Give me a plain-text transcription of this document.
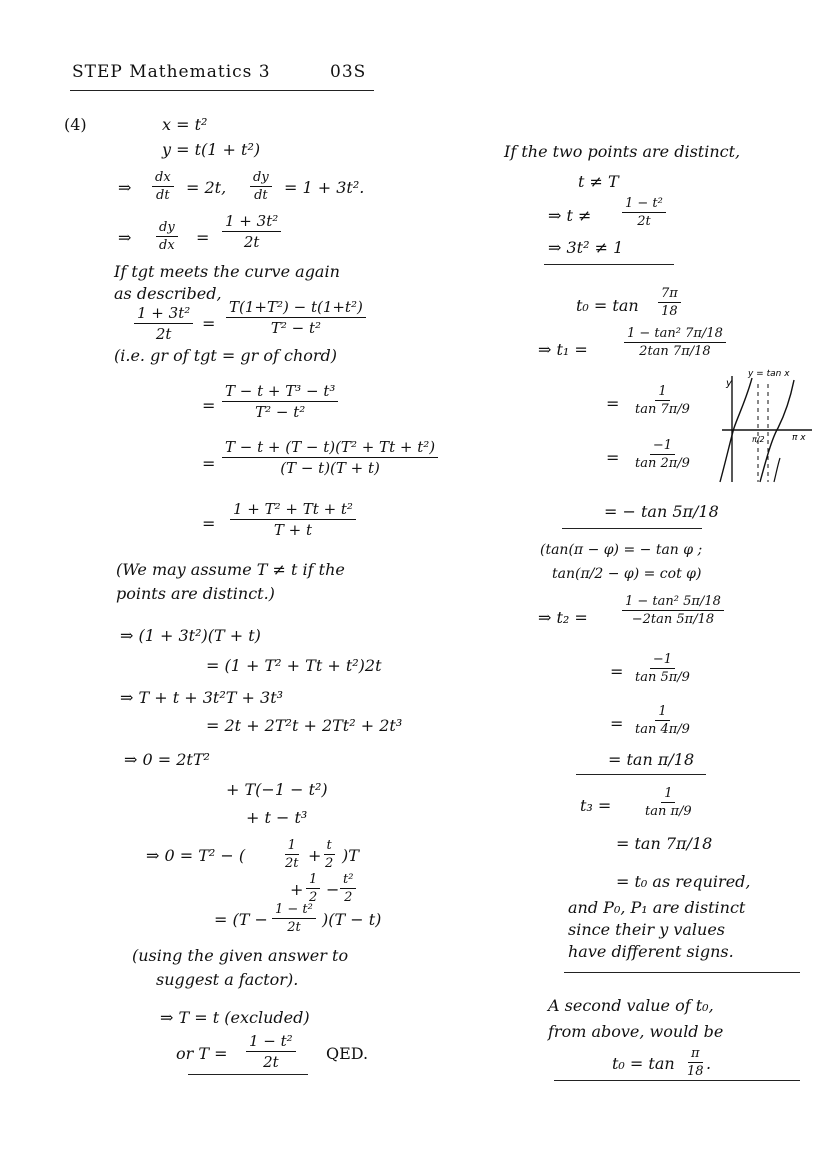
STEP Mathematics 3	03S
(4)	x = t²
y = t(1 + t²)
⇒ $\frac{dx}{dt} = 2t$, $\frac{dy}{dt} = 1 + 3t^2$.
⇒ $\frac{dy}{dx} = \frac{\text{1 + 3t²}}{2t}$
If tgt meets the curve again
as described,
$\frac{\text{1 + 3t²}}{2t} = \frac{\text{T(1+T²) − t(1+t²)}}{\text{T² − t²}}$
(i.e. gr of tgt = gr of chord)
= $\frac{\text{T − t + T³ − t³}}{\text{T² − t²}}$
= $\frac{\text{T − t + (T − t)(T² + Tt + t²)}}{(T - t)(T + t)}$
= $\frac{\text{1 + T² + Tt + t²}}{T + t}$
(We may assume T ≠ t if the
points are distinct.)
⇒ (1 + 3t²)(T + t)
= (1 + T² + Tt + t²)2t
⇒ T + t + 3t²T + 3t³
= 2t + 2T²t + 2Tt² + 2t³
⇒ 0 = 2tT²
+ T(−1 − t²)
+ t − t³
⇒ 0 = T² − (	$\frac{1}{2t} + \frac{t}{2} )T$
+ $\frac{1}{2} - \frac{\text{t²}}{2}$
= $(T - \frac{\text{1 − t²}}{2t} )(T - t)$
(using the given answer to
suggest a factor).
⇒ T = t (excluded)
or $T = \frac{\text{1 − t²}}{2t}$ QED.
If the two points are distinct,
t ≠ T
⇒ $t \ne \frac{\text{1 − t²}}{2t}$
⇒ 3t² ≠ 1
$t_0 = \tan \frac{7\pi}{18}$
⇒ t₁ =	$\frac{\text{1 − tan² 7π/18}}{2\tan 7\pi/18}$
= $\frac{1}{\tan 7\pi/9}$
= $\frac{-1}{\tan 2\pi/9}$
= − tan 5π/18
y
y = tan x
π/2	π x
(tan(π − φ) = − tan φ ;
tan(π/2 − φ) = cot φ)
⇒ t₂ =	$\frac{\text{1 − tan² 5π/18}}{-2\tan 5\pi/18}$
= $\frac{-1}{\tan 5\pi/9}$
= $\frac{1}{\tan 4\pi/9}$
= tan π/18
$t_3 = \frac{1}{\text{tan π/9}}$
= tan 7π/18
= t₀ as required,
and P₀, P₁ are distinct
since their y values
have different signs.
A second value of t₀,
from above, would be
$t_0 = \tan \frac{\pi}{18}$ .
